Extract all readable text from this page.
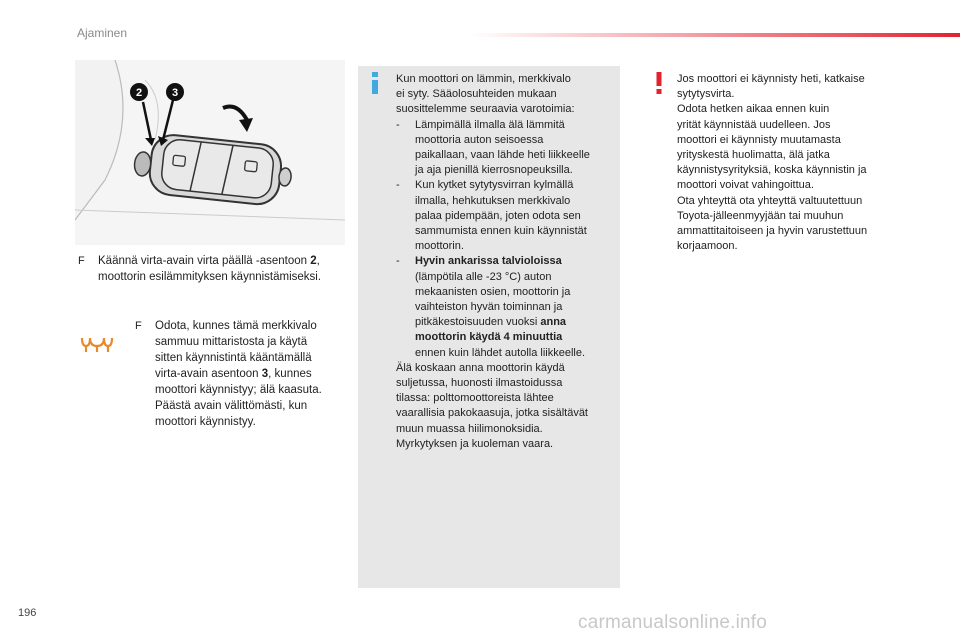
Ajaminen
2	3
F Käännä virta-avain virta päällä -asentoon 2,
moottorin esilämmityksen käynnistämiseksi.
F Odota, kunnes tämä merkkivalo
sammuu mittaristosta ja käytä
sitten käynnistintä kääntämällä
virta-avain asentoon 3, kunnes
moottori käynnistyy; älä kaasuta.
Päästä avain välittömästi, kun
moottori käynnistyy.

Kun moottori on lämmin, merkkivalo

ei syty. Sääolosuhteiden mukaan

suosittelemme seuraavia varotoimia:

- Lämpimällä ilmalla älä lämmitä

moottoria auton seisoessa

paikallaan, vaan lähde heti liikkeelle

ja aja pienillä kierrosnopeuksilla.

- Kun kytket sytytysvirran kylmällä

ilmalla, hehkutuksen merkkivalo

palaa pidempään, joten odota sen

sammumista ennen kuin käynnistät

moottorin.

- Hyvin ankarissa talvioloissa

(lämpötila alle -23 °C) auton

mekaanisten osien, moottorin ja

vaihteiston hyvän toiminnan ja

pitkäkestoisuuden vuoksi anna

moottorin käydä 4 minuuttia

ennen kuin lähdet autolla liikkeelle.

Älä koskaan anna moottorin käydä

suljetussa, huonosti ilmastoidussa

tilassa: polttomoottoreista lähtee

vaarallisia pakokaasuja, jotka sisältävät

muun muassa hiilimonoksidia.

Myrkytyksen ja kuoleman vaara.

Jos moottori ei käynnisty heti, katkaise

sytytysvirta.

Odota hetken aikaa ennen kuin

yrität käynnistää uudelleen. Jos

moottori ei käynnisty muutamasta

yrityskestä huolimatta, älä jatka

käynnistysyrityksiä, koska käynnistin ja

moottori voivat vahingoittua.

Ota yhteyttä ota yhteyttä valtuutettuun

Toyota-jälleenmyyjään tai muuhun

ammattitaitoiseen ja hyvin varustettuun

korjaamoon.

196	carmanualsonline.info
